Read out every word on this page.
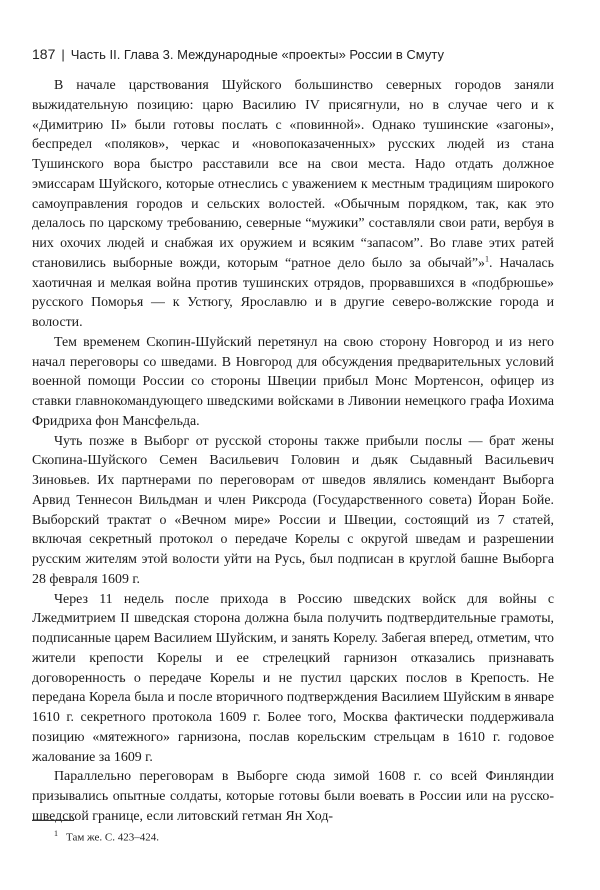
187 | Часть II. Глава 3. Международные «проекты» России в Смуту

В начале царствования Шуйского большинство северных городов заняли выжидательную позицию: царю Василию IV присягнули, но в случае чего и к «Димитрию II» были готовы послать с «повинной». Однако тушинские «загоны», беспредел «поляков», черкас и «новопоказаченных» русских людей из стана Тушинского вора быстро расставили все на свои места. Надо отдать должное эмиссарам Шуйского, которые отнеслись с уважением к местным традициям широкого самоуправления городов и сельских волостей. «Обычным порядком, так, как это делалось по царскому требованию, северные “мужики” составляли свои рати, вербуя в них охочих людей и снабжая их оружием и всяким “запасом”. Во главе этих ратей становились выборные вожди, которым “ратное дело было за обычай”»$^1$. Началась хаотичная и мелкая война против тушинских отрядов, прорвавшихся в «подбрюшье» русского Поморья — к Устюгу, Ярославлю и в другие северо-волжские города и волости.

Тем временем Скопин-Шуйский перетянул на свою сторону Новгород и из него начал переговоры со шведами. В Новгород для обсуждения предварительных условий военной помощи России со стороны Швеции прибыл Монс Мортенсон, офицер из ставки главнокомандующего шведскими войсками в Ливонии немецкого графа Иохима Фридрихa фон Мансфельда.

Чуть позже в Выборг от русской стороны также прибыли послы — брат жены Скопина-Шуйского Семен Васильевич Головин и дьяк Сыдавный Васильевич Зиновьев. Их партнерами по переговорам от шведов являлись комендант Выборга Арвид Теннесон Вильдман и член Риксрода (Государственного совета) Йоран Бойе. Выборский трактат о «Вечном мире» России и Швеции, состоящий из 7 статей, включая секретный протокол о передаче Корелы с округой шведам и разрешении русским жителям этой волости уйти на Русь, был подписан в круглой башне Выборга 28 февраля 1609 г.

Через 11 недель после прихода в Россию шведских войск для войны с Лжедмитрием II шведская сторона должна была получить подтвердительные грамоты, подписанные царем Василием Шуйским, и занять Корелу. Забегая вперед, отметим, что жители крепости Корелы и ее стрелецкий гарнизон отказались признавать договоренность о передаче Корелы и не пустил царских послов в Крепость. Не передана Корела была и после вторичного подтверждения Василием Шуйским в январе 1610 г. секретного протокола 1609 г. Более того, Москва фактически поддерживала позицию «мятежного» гарнизона, послав корельским стрельцам в 1610 г. годовое жалование за 1609 г.

Параллельно переговорам в Выборге сюда зимой 1608 г. со всей Финляндии призывались опытные солдаты, которые готовы были воевать в России или на русско-шведской границе, если литовский гетман Ян Ход-

$^1$ Там же. С. 423–424.
